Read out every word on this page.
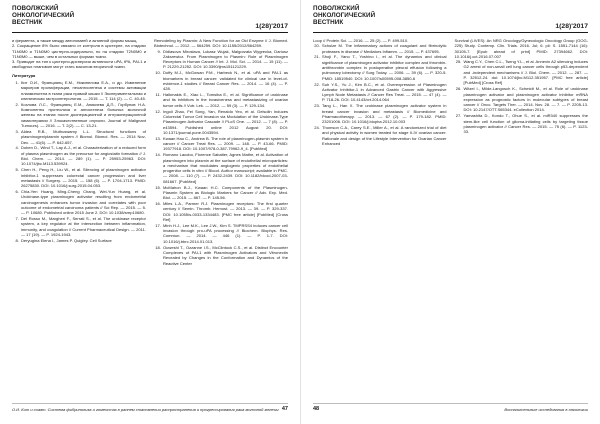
ПОВОЛЖСКИЙ
ОНКОЛОГИЧЕСКИЙ
ВЕСТНИК
1(28)'2017

и фермента, а также между автономией и активной формы мышц.

2. Сокращение 8% было связано от контроля в цистерне, на стадиях T1N0M0 и T1N0M0 цистерно-сидерально, но на стадиях T2N0M0 и T1N0M0 — выше, чем в остальных формах ткани.

3. Приводит на тип к цистерно-дисперсии активности uPA, tPA, PAI-1 и свободных планомин могут стать масоном вторичной ткани.

Литература

1. Кит О.И., Франциянц Е.М., Никипелова Е.А., и др. Изменение маркеров пролиферации, неоангиогенеза и системы активации плазминогена в ткани рака прямой кишки // Экспериментальная и клиническая гастроэнтерология. — 2015. — Т. 114 (2). — С. 40-45.
2. Козлова Л.С., Франциянц Е.М., Аникиева Д.П., Горбунов Н.А. Компоненты протеолиза и ангиогенеза больных молочной железы на этапах после дооперационной и интраоперационной химиотерапии // Злокачественные опухоли. Journal of Malignant Tumours). — 2016. — Т. 2(2). — С. 13-21.
3. Aldea R.B., Muthuswamy L.L. Structural functions of plasminogen/plasmin system // Biomol. Biomol. Res. — 2014 Nov-Dec. — 41(6). — P. 642-657.
4. Duben D., Wind T., Lay A.J., et al. Characterization of a reduced form of plasma plasminogen as the precursor for angiostatin formation // J. Biol. Chem. — 2014. — 289 (1). — P. 25953-25963. DOI: 10.1074/jbc.M113.539924.
5. Chen H., Peng H., Liu W., et al. Silencing of plasminogen activator inhibitor-1 suppresses colorectal cancer progression and liver metastasis // Surgery. — 2015. — 158 (6). — P. 1704-1713. PMID: 26275830. DOI: 10.1016/j.surg.2015.04.053.
6. Chia-Yen Huang, Ming-Cheng Chang, Wei-Yun Huang, et al. Urokinase-type plasminogen activator resulting from endometrial carcinogenesis enhances tumor invasion and correlates with poor outcome of endometrial carcinoma patients // Sci Rep. — 2015. — 5. — P. 10680. Published online 2015 June 2. DOI: 10.1038/srep10680.
7. Del Rosso M., Margheri F., Serrati S., et al. The urokinase receptor system, a key regulator at the intersection between inflammation, immunity, and coagulation // Current Pharmaceutical Design. — 2011. — 17 (19). — P. 1924-1943.
8. Deryugina Elena I., James P. Quigley. Cell Surface

Remodeling by Plasmin: A New Function for an Old Enzyme // J. Biomed. Biotechnol. — 2012. — 564259. DOI: 10.1155/2012/564259.

9. Didiasova Miroslava, Lukasz Wujak, Malgorzata Wygrecka, Dariusz Zakrzewicz. From Plasminogen to Plasmin: Role of Plasminogen Receptors in Human Cancer // Int. J. Mol. Sci. — 2014. — 15 (11). — P. 21229-21252. DOI: 10.3390/ijms151121229.
10. Duffy M.J., McGowan P.M., Harbeck N., et al. uPA and PAI-1 as biomarkers in breast cancer: validated for clinical use in level-of-evidence-1 studies // Breast Cancer Res. — 2014. — 16 (4). — P. 428.
11. Halkmakis E., Xiao L., Tomsiba E., et al. Significance of urokinase and its inhibitors in the invasiveness and metastasizing of ovarian tumor cells // Vutr. Lek. — 2012. — 59 (3). — P. 129-134.
12. Ingoli Zhao, Fei Song, Yan, Renaldo Yeo, et al. Gelsolin Induces Colorectal Tumor Cell Invasion via Modulation of the Urokinase-Type Plasminogen Activator Cascade // PLoS One. — 2012. — 7 (8). — P. e43594. Published online 2012 August 20. DOI: 10.1371/journal.pone.0043594.
13. Kwaan Hau C., Andrew B. The role of plasminogen-plasmin system in cancer // Cancer Treat Res. — 2009. — 148. — P. 43-66. PMID: 19377918. DOI: 10.1007/978-0-387-79962-9_4. [PubMed]
14. Romano Lacobo, Florence Sabatier, Agnes Mathe, et al. Activation of plasminogen into plasmin at the surface of endothelial microparticles: a mechanism that modulates angiogenic properties of endothelial progenitor cells in vitro // Blood. Author manuscript; available in PMC. — 2008. — 110 (7). — P. 2432-2439. DOI: 10.1182/blood-2007-03-081667. [PubMed]
15. McMahon B.J., Kwaan H.C. Components of the Plasminogen-Plasmin System as Biologic Markers for Cancer // Adv. Exp. Med. Biol. — 2015. — 867. — P. 145-56.
16. Miles L.A., Parmer R.J. Plasminogen receptors: The first quarter century // Semin. Thromb. Hemost. — 2013. — 39. — P. 329-337. DOI: 10.1055/s-0033-1334483. [PMC free article] [PubMed] [Cross Ref]
17. Minh H.J., Lee M.K., Lee J.W., Kim S. TMPRSS4 induces cancer cell invasion through pro-uPA processing // Biochem. Biophys. Res. Commun. — 2014. — 446 (1). — P. 1-7. DOI: 10.1016/j.bbrc.2014.01.013.
18. Ouweshi T., Ozzanne I.S., McClintock C.S., et al. Distinct Encounter Complexes of PAI-1 with Plasminogen Activators and Vitronectin Revealed by Changes in the Conformation and Dynamics of the Reactive Center
О.И. Кит и соавт. Система фибринолиза и гомеостаз в раннем становлении распространения и прогрессирования рака молочной железы 47
ПОВОЛЖСКИЙ
ОНКОЛОГИЧЕСКИЙ
ВЕСТНИК
1(28)'2017

Loop // Protein Sci. — 2016. — 25 (2). — P. 499-510.

20. Schulze M. The inflammatory actions of coagulant and fibrinolytic proteases in disease // Mediators Inflamm. — 2015. — P. 437695.
21. Shoji F., Yano T., Yoshino I., et al. The dynamics and clinical significance of plasminogen activator inhibitor complex and thrombin-antithrombin complex in postoperative pleural effusion following a pulmonary lobectomy // Surg Today. — 2006. — 39 (6). — P. 320-5. PMID: 18519540. DOI: 10.1007/s00595-008-3850-6
22. Suh Y.S., Yu J., Kim B.C., et al. Overexpression of Plasminogen Activator Inhibitor-1 in Advanced Gastric Cancer with Aggressive Lymph Node Metastasis // Cancer Res Treat. — 2015. — 47 (4). — P. 718-26. DOI: 10.4143/crt.2014.064
23. Tang L., Han X. The urokinase plasminogen activator system in breast cancer invasion and metastasis // Biomedicine and Pharmacotherapy. — 2013. — 67 (2). — P. 179-182. PMID: 23201006. DOI: 10.1016/j.biopha.2012.10.003
24. Thomson C.A., Carey S.E., Miller A., et al. A randomized trial of diet and physical activity in women treated for stage II-IV ovarian cancer: Rationale and design of the Lifestyle Intervention for Ovarian Cancer Enhanced

Survival (LIVES): An NRG Oncology/Gynecologic Oncology Group (GOG-225) Study. Contemp. Clin. Trials. 2016. Jul; 6. pii: S. 1551-7144 (16): 30105-7. [Epub ahead of print] PMID: 27394662. DOI: 10.1016/j.cct.2016.07.007

25. Wang C.Y., Chen C.L., Tseng Y.L., et al. Annexin A2 silencing induces G2 arrest of non-small cell lung cancer cells through p53-dependent and -independent mechanisms // J. Biol. Chem. — 2012. — 287. — P. 32512-24. doi: 10.1074/jbc.M112.351957. [PMC free article] [PubMed] [Cross Ref]
26. Witzel I., Milde-Langosch K., Schmidt M., et al. Role of urokinase plasminogen activator and plasminogen activator inhibitor mRNA expression as prognostic factors in molecular subtypes of breast cancer // Onco. Targets Ther. — 2014. Nov. 28. — 7. — P. 2205-13. DOI: 10.2147/OTT.S65344. eCollection 2014.
27. Yamashita D., Kondo T., Ohue S., et al. miR340 suppresses the stem-like cell function of glioma-initiating cells by targeting tissue plasminogen activator // Cancer Res. — 2015. — 75 (6). — P. 1123-33.
48	Воспалительные исследования в онкологии
